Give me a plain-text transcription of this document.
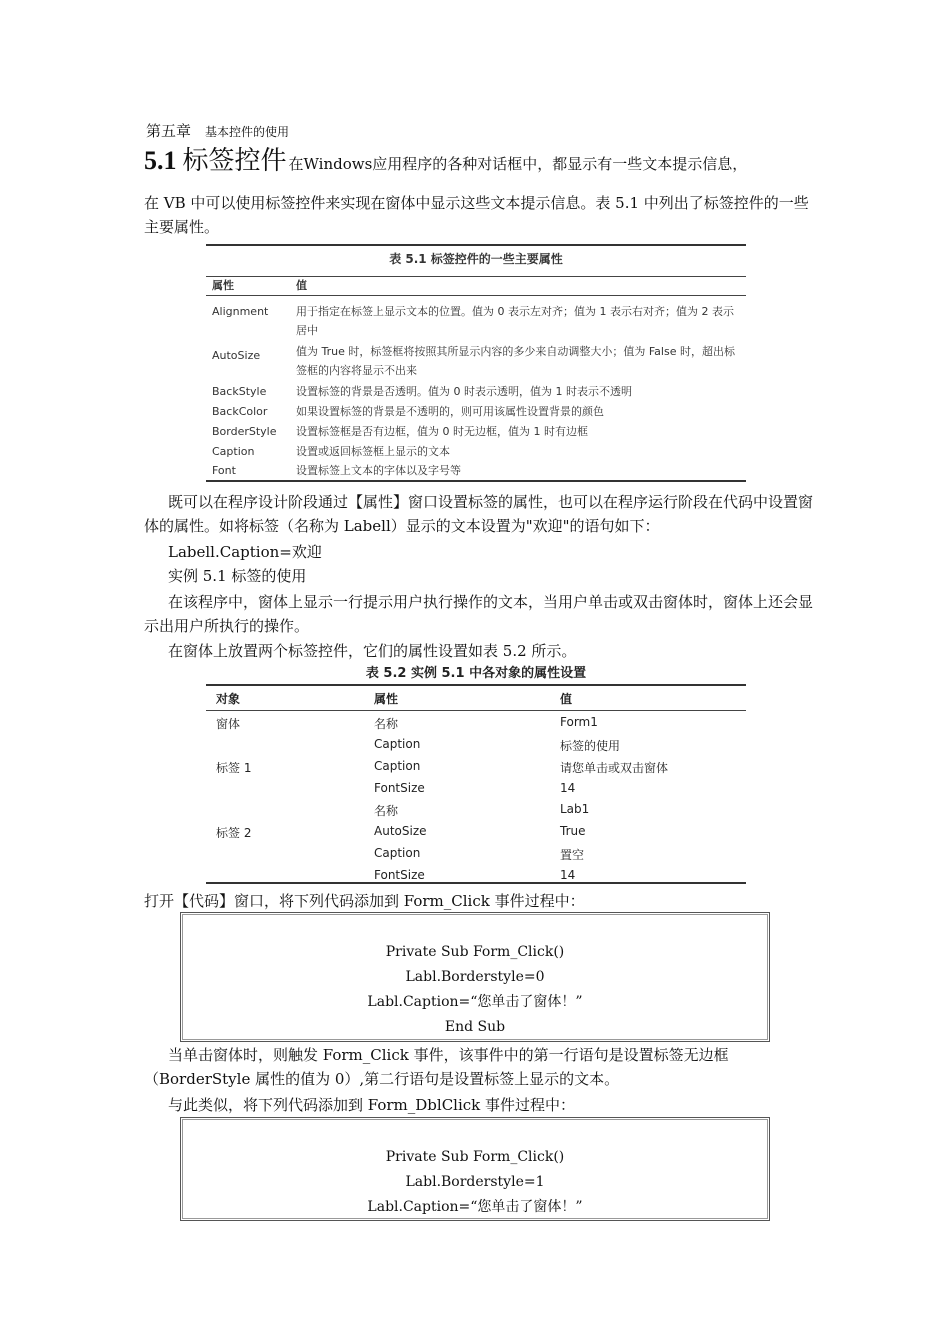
第五章 基本控件的使用
5.1 标签控件 在Windows应用程序的各种对话框中，都显示有一些文本提示信息，
在 VB 中可以使用标签控件来实现在窗体中显示这些文本提示信息。表 5.1 中列出了标签控件的一些主要属性。
表 5.1 标签控件的一些主要属性
属性	值
Alignment	用于指定在标签上显示文本的位置。值为 0 表示左对齐；值为 1 表示右对齐；值为 2 表示居中
AutoSize	值为 True 时，标签框将按照其所显示内容的多少来自动调整大小；值为 False 时，超出标签框的内容将显示不出来
BackStyle	设置标签的背景是否透明。值为 0 时表示透明，值为 1 时表示不透明
BackColor	如果设置标签的背景是不透明的，则可用该属性设置背景的颜色
BorderStyle 设置标签框是否有边框，值为 0 时无边框，值为 1 时有边框
Caption	设置或返回标签框上显示的文本
Font	设置标签上文本的字体以及字号等
既可以在程序设计阶段通过【属性】窗口设置标签的属性，也可以在程序运行阶段在代码中设置窗体的属性。如将标签（名称为 Labell）显示的文本设置为"欢迎"的语句如下：
Labell.Caption=欢迎
实例 5.1 标签的使用
在该程序中，窗体上显示一行提示用户执行操作的文本，当用户单击或双击窗体时，窗体上还会显示出用户所执行的操作。
在窗体上放置两个标签控件，它们的属性设置如表 5.2 所示。
表 5.2 实例 5.1 中各对象的属性设置
对象	属性	值
窗体	名称	Form1
Caption	标签的使用
标签 1	Caption	请您单击或双击窗体
FontSize	14
名称	Lab1
标签 2	AutoSize	True
Caption	置空
FontSize	14
打开【代码】窗口，将下列代码添加到 Form_Click 事件过程中：
Private Sub Form_Click()
Labl.Borderstyle=0
Labl.Caption=“您单击了窗体！”
End Sub
当单击窗体时，则触发 Form_Click 事件，该事件中的第一行语句是设置标签无边框（BorderStyle 属性的值为 0）,第二行语句是设置标签上显示的文本。
与此类似，将下列代码添加到 Form_DblClick 事件过程中：
Private Sub Form_Click()
Labl.Borderstyle=1
Labl.Caption=“您单击了窗体！”
